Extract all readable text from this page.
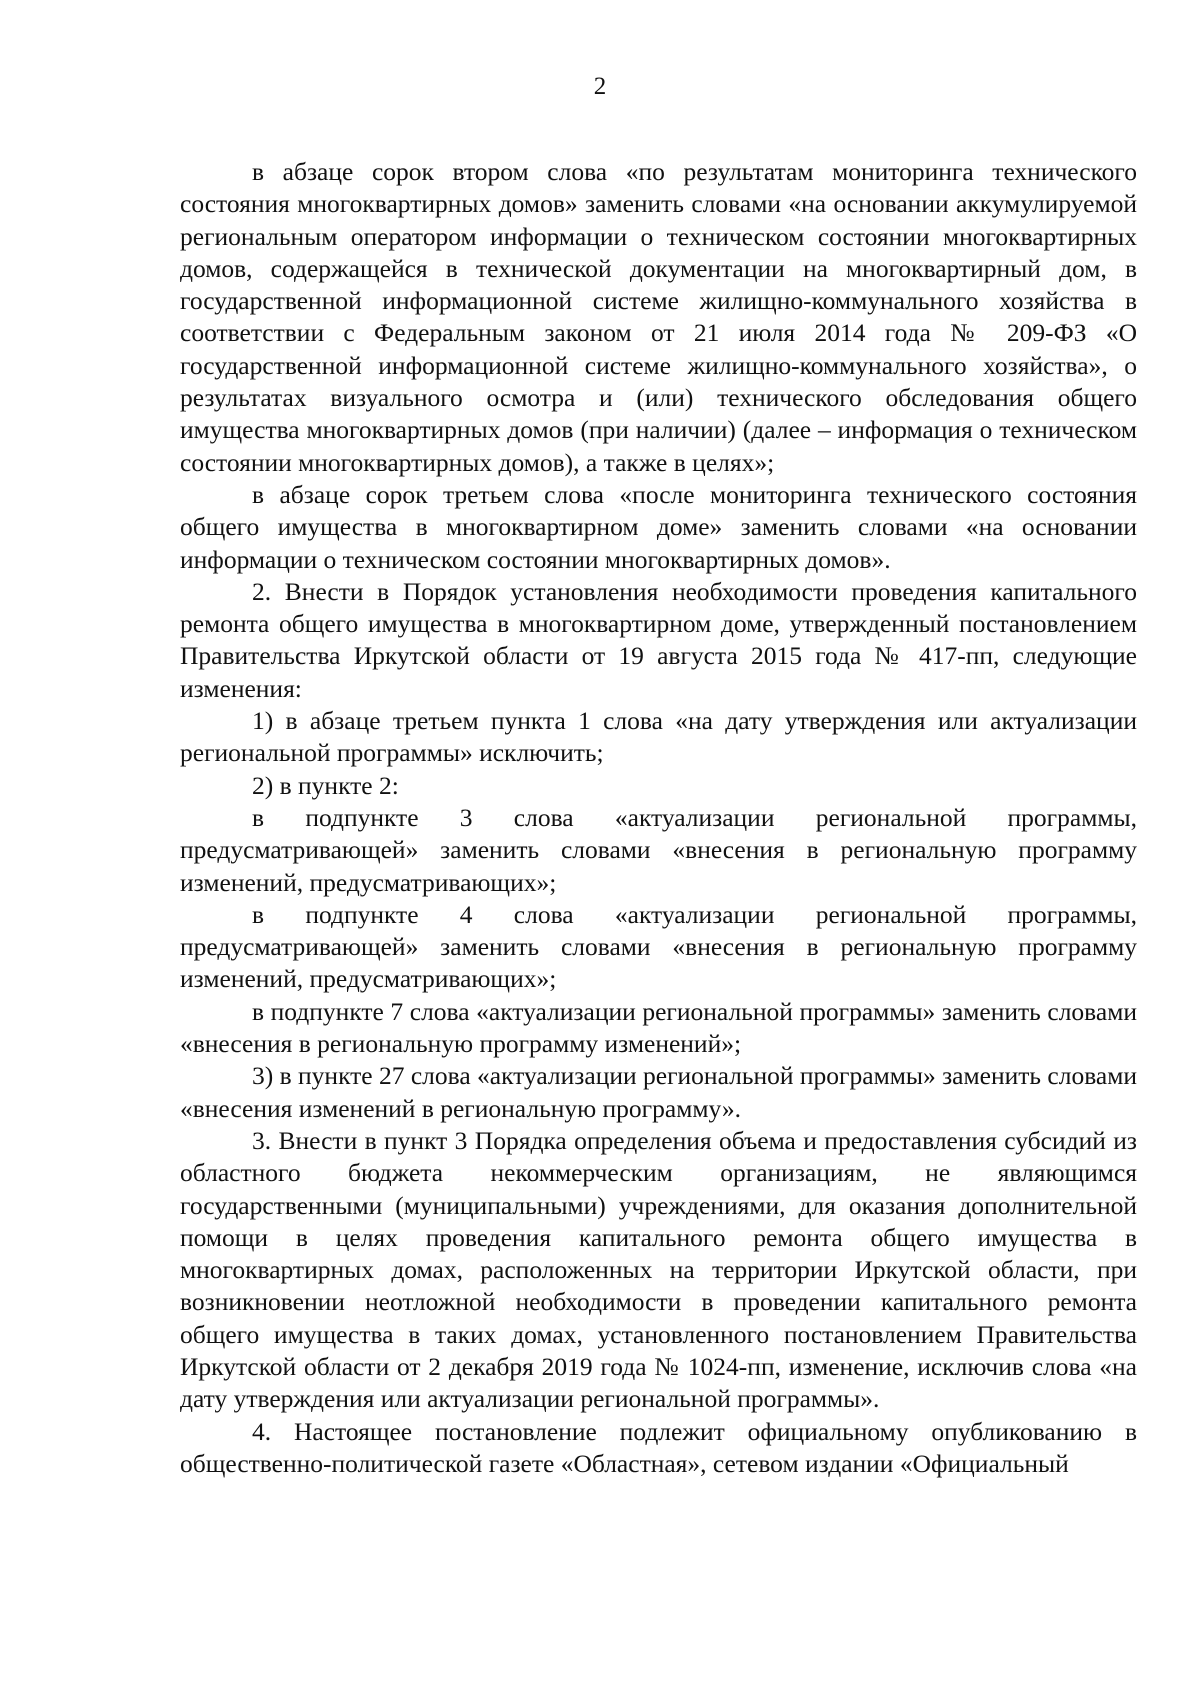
2

в абзаце сорок втором слова «по результатам мониторинга технического состояния многоквартирных домов» заменить словами «на основании аккумулируемой региональным оператором информации о техническом состоянии многоквартирных домов, содержащейся в технической документации на многоквартирный дом, в государственной информационной системе жилищно-коммунального хозяйства в соответствии с Федеральным законом от 21 июля 2014 года № 209-ФЗ «О государственной информационной системе жилищно-коммунального хозяйства», о результатах визуального осмотра и (или) технического обследования общего имущества многоквартирных домов (при наличии) (далее – информация о техническом состоянии многоквартирных домов), а также в целях»;

в абзаце сорок третьем слова «после мониторинга технического состояния общего имущества в многоквартирном доме» заменить словами «на основании информации о техническом состоянии многоквартирных домов».

2. Внести в Порядок установления необходимости проведения капитального ремонта общего имущества в многоквартирном доме, утвержденный постановлением Правительства Иркутской области от 19 августа 2015 года № 417-пп, следующие изменения:

1) в абзаце третьем пункта 1 слова «на дату утверждения или актуализации региональной программы» исключить;

2) в пункте 2:

в подпункте 3 слова «актуализации региональной программы, предусматривающей» заменить словами «внесения в региональную программу изменений, предусматривающих»;

в подпункте 4 слова «актуализации региональной программы, предусматривающей» заменить словами «внесения в региональную программу изменений, предусматривающих»;

в подпункте 7 слова «актуализации региональной программы» заменить словами «внесения в региональную программу изменений»;

3) в пункте 27 слова «актуализации региональной программы» заменить словами «внесения изменений в региональную программу».

3. Внести в пункт 3 Порядка определения объема и предоставления субсидий из областного бюджета некоммерческим организациям, не являющимся государственными (муниципальными) учреждениями, для оказания дополнительной помощи в целях проведения капитального ремонта общего имущества в многоквартирных домах, расположенных на территории Иркутской области, при возникновении неотложной необходимости в проведении капитального ремонта общего имущества в таких домах, установленного постановлением Правительства Иркутской области от 2 декабря 2019 года № 1024-пп, изменение, исключив слова «на дату утверждения или актуализации региональной программы».

4. Настоящее постановление подлежит официальному опубликованию в общественно-политической газете «Областная», сетевом издании «Официальный
